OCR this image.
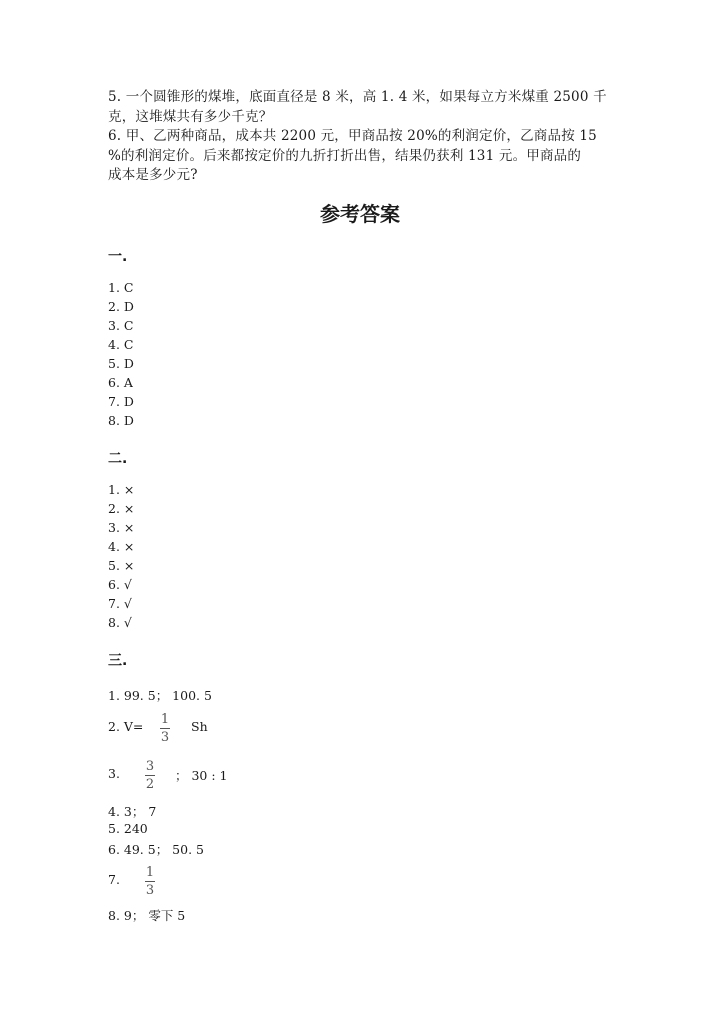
5. 一个圆锥形的煤堆，底面直径是 8 米，高 1. 4 米，如果每立方米煤重 2500 千
克，这堆煤共有多少千克？
6. 甲、乙两种商品，成本共 2200 元，甲商品按 20%的利润定价，乙商品按 15
%的利润定价。后来都按定价的九折打折出售，结果仍获利 131 元。甲商品的
成本是多少元?
参考答案
一.
1. C
2. D
3. C
4. C
5. D
6. A
7. D
8. D
二.
1. ×
2. ×
3. ×
4. ×
5. ×
6. √
7. √
8. √
三.
1. 99. 5； 100. 5
2. V= 1
3
Sh
3. 3
2
； 30 : 1
4. 3； 7
5. 240
6. 49. 5； 50. 5
7. 1
3
8. 9； 零下 5
